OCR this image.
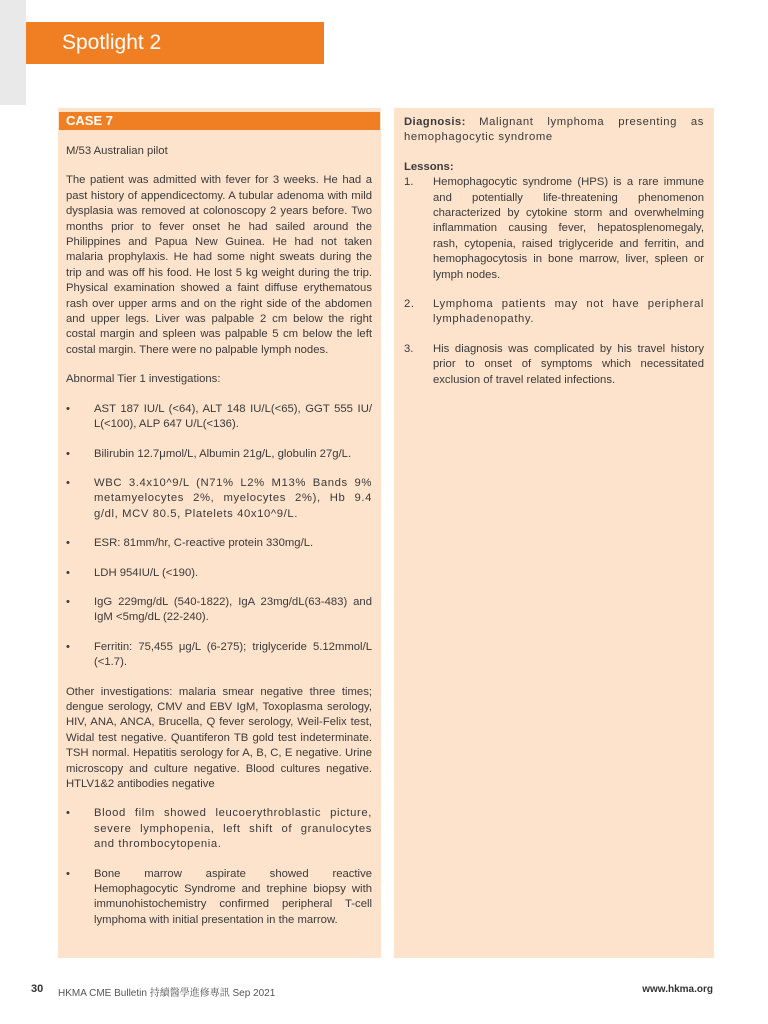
Spotlight 2
CASE 7

M/53 Australian pilot

The patient was admitted with fever for 3 weeks. He had a past history of appendicectomy. A tubular adenoma with mild dysplasia was removed at colonoscopy 2 years before. Two months prior to fever onset he had sailed around the Philippines and Papua New Guinea. He had not taken malaria prophylaxis. He had some night sweats during the trip and was off his food. He lost 5 kg weight during the trip. Physical examination showed a faint diffuse erythematous rash over upper arms and on the right side of the abdomen and upper legs. Liver was palpable 2 cm below the right costal margin and spleen was palpable 5 cm below the left costal margin. There were no palpable lymph nodes.

Abnormal Tier 1 investigations:

• AST 187 IU/L (<64), ALT 148 IU/L(<65), GGT 555 IU/ L(<100), ALP 647 U/L(<136).
• Bilirubin 12.7μmol/L, Albumin 21g/L, globulin 27g/L.
• WBC 3.4x10^9/L (N71% L2% M13% Bands 9% metamyelocytes 2%, myelocytes 2%), Hb 9.4 g/dl, MCV 80.5, Platelets 40x10^9/L.
• ESR: 81mm/hr, C-reactive protein 330mg/L.
• LDH 954IU/L (<190).
• IgG 229mg/dL (540-1822), IgA 23mg/dL(63-483) and IgM <5mg/dL (22-240).
• Ferritin: 75,455 μg/L (6-275); triglyceride 5.12mmol/L (<1.7).

Other investigations: malaria smear negative three times; dengue serology, CMV and EBV IgM, Toxoplasma serology, HIV, ANA, ANCA, Brucella, Q fever serology, Weil-Felix test, Widal test negative. Quantiferon TB gold test indeterminate. TSH normal. Hepatitis serology for A, B, C, E negative. Urine microscopy and culture negative. Blood cultures negative. HTLV1&2 antibodies negative

• Blood film showed leucoerythroblastic picture, severe lymphopenia, left shift of granulocytes and thrombocytopenia.
• Bone marrow aspirate showed reactive Hemophagocytic Syndrome and trephine biopsy with immunohistochemistry confirmed peripheral T-cell lymphoma with initial presentation in the marrow.

Diagnosis: Malignant lymphoma presenting as hemophagocytic syndrome

Lessons:

1. Hemophagocytic syndrome (HPS) is a rare immune and potentially life-threatening phenomenon characterized by cytokine storm and overwhelming inflammation causing fever, hepatosplenomegaly, rash, cytopenia, raised triglyceride and ferritin, and hemophagocytosis in bone marrow, liver, spleen or lymph nodes.
2. Lymphoma patients may not have peripheral lymphadenopathy.
3. His diagnosis was complicated by his travel history prior to onset of symptoms which necessitated exclusion of travel related infections.
30 HKMA CME Bulletin 持續醫學進修專訊 Sep 2021	www.hkma.org
